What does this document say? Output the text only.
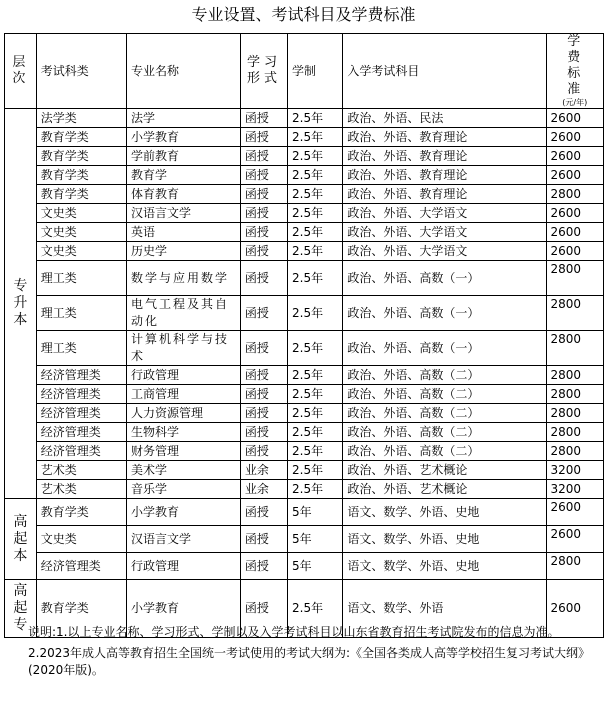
专业设置、考试科目及学费标准
层次	考试科类	专业名称	学习形式	学制	入学考试科目	学费标准
(元/年)

专升本	法学类	法学	函授	2.5年	政治、外语、民法	2600
	教育学类	小学教育	函授	2.5年	政治、外语、教育理论	2600
	教育学类	学前教育	函授	2.5年	政治、外语、教育理论	2600
	教育学类	教育学	函授	2.5年	政治、外语、教育理论	2600
	教育学类	体育教育	函授	2.5年	政治、外语、教育理论	2800
	文史类	汉语言文学	函授	2.5年	政治、外语、大学语文	2600
	文史类	英语	函授	2.5年	政治、外语、大学语文	2600
	文史类	历史学	函授	2.5年	政治、外语、大学语文	2600
	理工类	数学与应用数学	函授	2.5年	政治、外语、高数（一）	2800
	理工类	电气工程及其自动化	函授	2.5年	政治、外语、高数（一）	2800
	理工类	计算机科学与技术	函授	2.5年	政治、外语、高数（一）	2800
	经济管理类	行政管理	函授	2.5年	政治、外语、高数（二）	2800
	经济管理类	工商管理	函授	2.5年	政治、外语、高数（二）	2800
	经济管理类	人力资源管理	函授	2.5年	政治、外语、高数（二）	2800
	经济管理类	生物科学	函授	2.5年	政治、外语、高数（二）	2800
	经济管理类	财务管理	函授	2.5年	政治、外语、高数（二）	2800
	艺术类	美术学	业余	2.5年	政治、外语、艺术概论	3200
	艺术类	音乐学	业余	2.5年	政治、外语、艺术概论	3200

高起本	教育学类	小学教育	函授	5年	语文、数学、外语、史地	2600
	文史类	汉语言文学	函授	5年	语文、数学、外语、史地	2600
	经济管理类	行政管理	函授	5年	语文、数学、外语、史地	2800

高起专	教育学类	小学教育	函授	2.5年	语文、数学、外语	2600

说明:1.以上专业名称、学习形式、学制以及入学考试科目以山东省教育招生考试院发布的信息为准。

2.2023年成人高等教育招生全国统一考试使用的考试大纲为:《全国各类成人高等学校招生复习考试大纲》(2020年版)。
